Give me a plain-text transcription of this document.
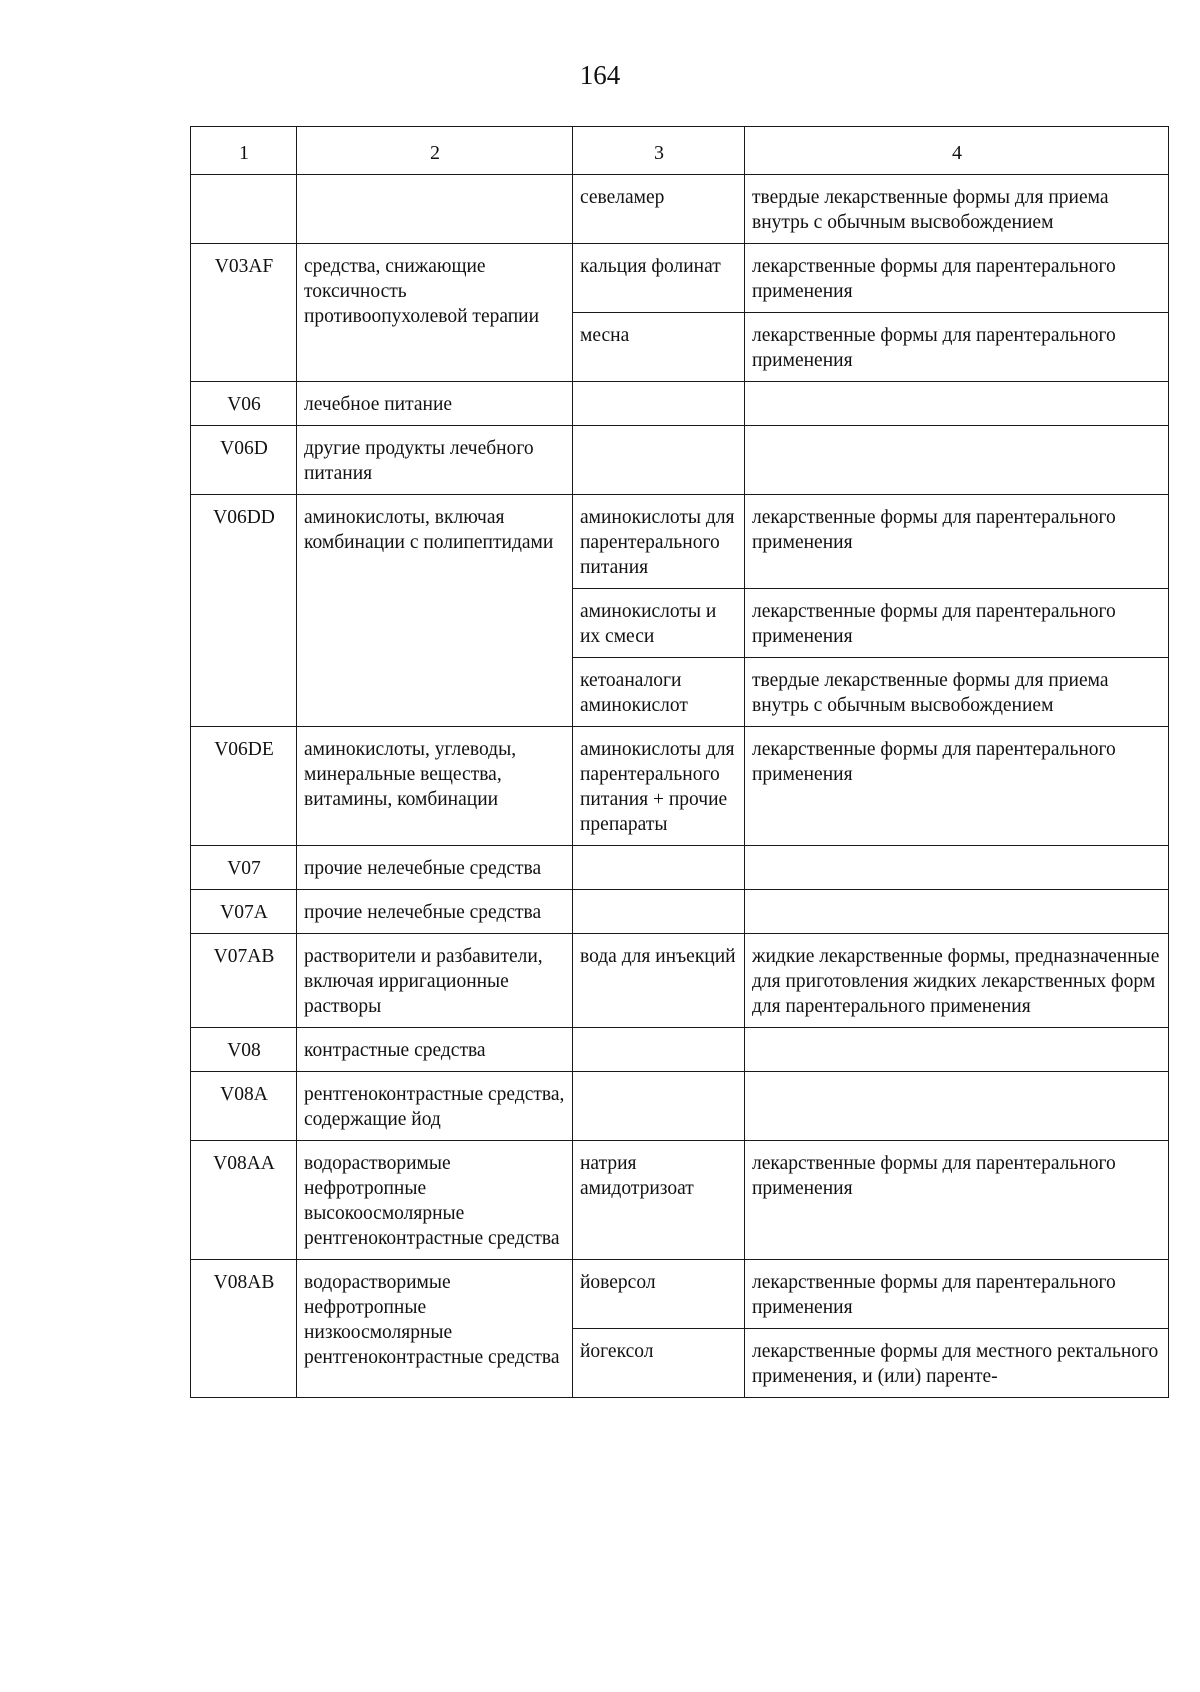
164
1	2	3	4
		севеламер	твердые лекарственные формы для приема внутрь с обычным высвобождением
V03AF	средства, снижающие токсичность противоопухолевой терапии	кальция фолинат	лекарственные формы для парентерального применения
		месна	лекарственные формы для парентерального применения
V06	лечебное питание		
V06D	другие продукты лечебного питания		
V06DD	аминокислоты, включая комбинации с полипептидами	аминокислоты для парентерального питания	лекарственные формы для парентерального применения
		аминокислоты и их смеси	лекарственные формы для парентерального применения
		кетоаналоги аминокислот	твердые лекарственные формы для приема внутрь с обычным высвобождением
V06DE	аминокислоты, углеводы, минеральные вещества, витамины, комбинации	аминокислоты для парентерального питания + прочие препараты	лекарственные формы для парентерального применения
V07	прочие нелечебные средства		
V07A	прочие нелечебные средства		
V07AB	растворители и разбавители, включая ирригационные растворы	вода для инъекций	жидкие лекарственные формы, предназначенные для приготовления жидких лекарственных форм для парентерального применения
V08	контрастные средства		
V08A	рентгеноконтрастные средства, содержащие йод		
V08AA	водорастворимые нефротропные высокоосмолярные рентгеноконтрастные средства	натрия амидотризоат	лекарственные формы для парентерального применения
V08AB	водорастворимые нефротропные низкоосмолярные рентгеноконтрастные средства	йоверсол	лекарственные формы для парентерального применения
		йогексол	лекарственные формы для местного ректального применения, и (или) паренте-
